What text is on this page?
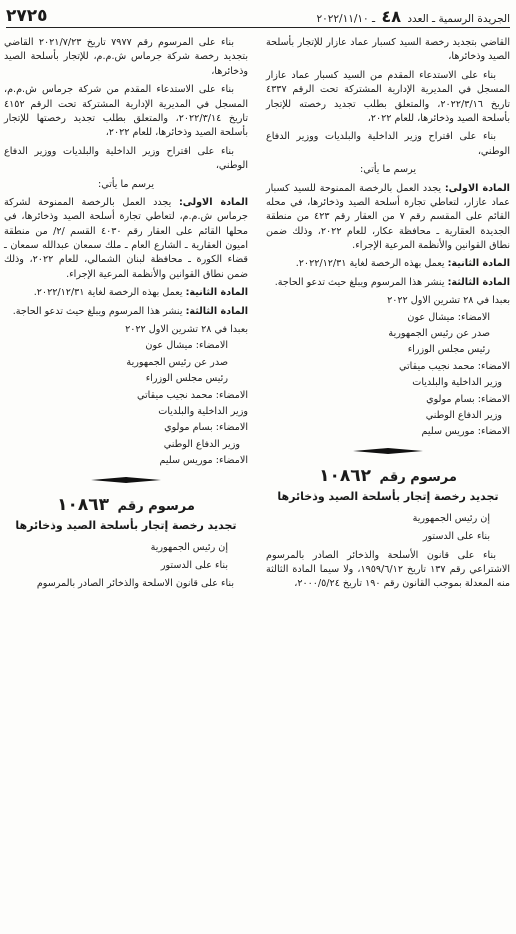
الجريدة الرسمية ـ العدد ٤٨ ـ ٢٠٢٢/١١/١٠
٢٧٢٥
القاضي بتجديد رخصة السيد كسبار عماد عازار للإتجار بأسلحة الصيد وذخائرها،
بناء على الاستدعاء المقدم من السيد كسبار عماد عازار المسجل في المديرية الإدارية المشتركة تحت الرقم ٤٣٣٧ تاريخ ٢٠٢٢/٣/١٦، والمتعلق بطلب تجديد رخصته للإتجار بأسلحة الصيد وذخائرها، للعام ٢٠٢٢،
بناء على اقتراح وزير الداخلية والبلديات ووزير الدفاع الوطني،
يرسم ما يأتي:
المادة الاولى: يجدد العمل بالرخصة الممنوحة للسيد كسبار عماد عازار، لتعاطي تجارة أسلحة الصيد وذخائرها، في محله القائم على المقسم رقم ٧ من العقار رقم ٤٢٣ من منطقة الجديدة العقارية ـ محافظة عكار، للعام ٢٠٢٢، وذلك ضمن نطاق القوانين والأنظمة المرعية الإجراء.
المادة الثانية: يعمل بهذه الرخصة لغاية ٢٠٢٢/١٢/٣١.
المادة الثالثة: ينشر هذا المرسوم ويبلغ حيث تدعو الحاجة.
بعبدا في ٢٨ تشرين الاول ٢٠٢٢
الامضاء: ميشال عون
صدر عن رئيس الجمهورية
رئيس مجلس الوزراء
الامضاء: محمد نجيب ميقاتي
وزير الداخلية والبلديات
الامضاء: بسام مولوي
وزير الدفاع الوطني
الامضاء: موريس سليم
مرسوم رقم ١٠٨٦٢
تجديد رخصة إتجار بأسلحة الصيد وذخائرها
إن رئيس الجمهورية
بناء على الدستور
بناء على قانون الأسلحة والذخائر الصادر بالمرسوم الاشتراعي رقم ١٣٧ تاريخ ١٩٥٩/٦/١٢، ولا سيما المادة الثالثة منه المعدلة بموجب القانون رقم ١٩٠ تاريخ ٢٠٠٠/٥/٢٤،
بناء على المرسوم رقم ٧٩٧٧ تاريخ ٢٠٢١/٧/٢٣ القاضي بتجديد رخصة شركة جرماس ش.م.م، للإتجار بأسلحة الصيد وذخائرها،
بناء على الاستدعاء المقدم من شركة جرماس ش.م.م، المسجل في المديرية الإدارية المشتركة تحت الرقم ٤١٥٢ تاريخ ٢٠٢٢/٣/١٤، والمتعلق بطلب تجديد رخصتها للإتجار بأسلحة الصيد وذخائرها، للعام ٢٠٢٢،
بناء على اقتراح وزير الداخلية والبلديات ووزير الدفاع الوطني،
يرسم ما يأتي:
المادة الاولى: يجدد العمل بالرخصة الممنوحة لشركة جرماس ش.م.م، لتعاطي تجارة أسلحة الصيد وذخائرها، في محلها القائم على العقار رقم ٤٠٣٠ القسم /٢/ من منطقة اميون العقارية ـ الشارع العام ـ ملك سمعان عبدالله سمعان ـ قضاء الكورة ـ محافظة لبنان الشمالي، للعام ٢٠٢٢، وذلك ضمن نطاق القوانين والأنظمة المرعية الإجراء.
المادة الثانية: يعمل بهذه الرخصة لغاية ٢٠٢٢/١٢/٣١.
المادة الثالثة: ينشر هذا المرسوم ويبلغ حيث تدعو الحاجة.
بعبدا في ٢٨ تشرين الاول ٢٠٢٢
الامضاء: ميشال عون
صدر عن رئيس الجمهورية
رئيس مجلس الوزراء
الامضاء: محمد نجيب ميقاتي
وزير الداخلية والبلديات
الامضاء: بسام مولوي
وزير الدفاع الوطني
الامضاء: موريس سليم
مرسوم رقم ١٠٨٦٣
تجديد رخصة إتجار بأسلحة الصيد وذخائرها
إن رئيس الجمهورية
بناء على الدستور
بناء على قانون الاسلحة والذخائر الصادر بالمرسوم
